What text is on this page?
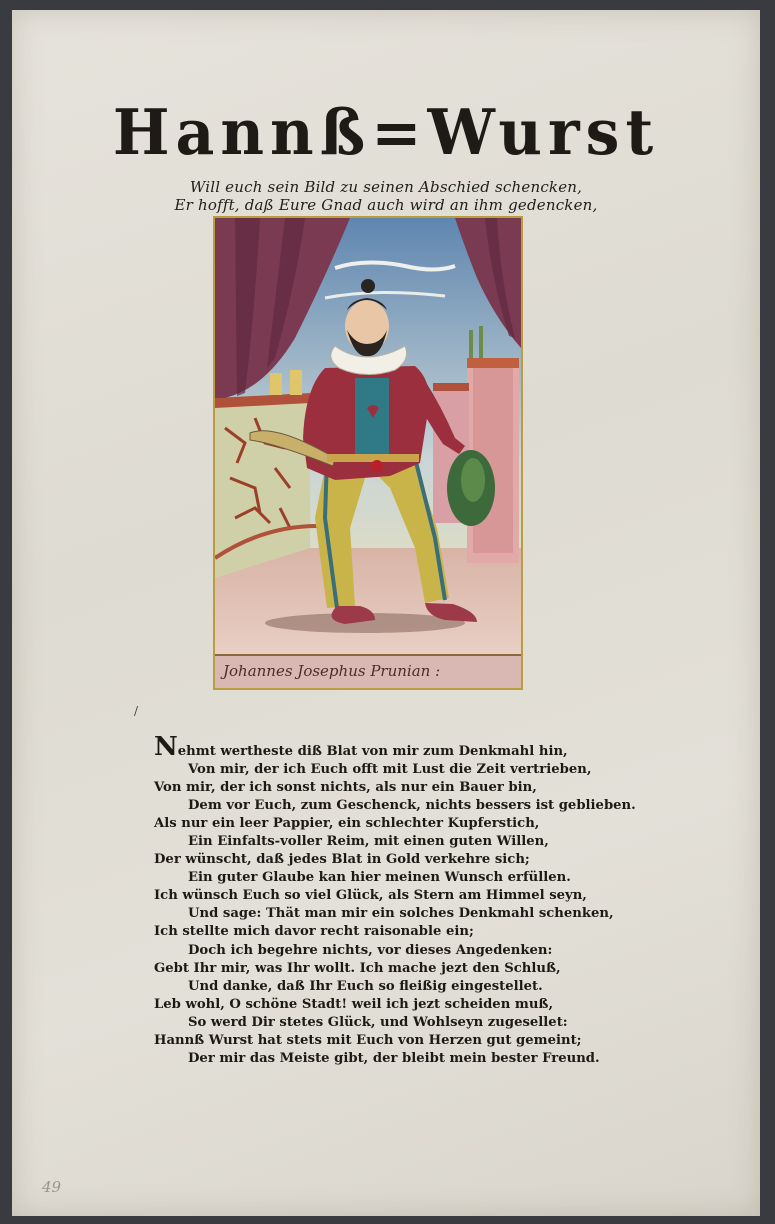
Hannß=Wurst
Will euch sein Bild zu seinen Abschied schencken,
Er hofft, daß Eure Gnad auch wird an ihm gedencken,
Johannes Josephus Prunian :
/
Nehmt wertheste diß Blat von mir zum Denkmahl hin,
Von mir, der ich Euch offt mit Lust die Zeit vertrieben,
Von mir, der ich sonst nichts, als nur ein Bauer bin,
Dem vor Euch, zum Geschenck, nichts bessers ist geblieben.
Als nur ein leer Pappier, ein schlechter Kupferstich,
Ein Einfalts-voller Reim, mit einen guten Willen,
Der wünscht, daß jedes Blat in Gold verkehre sich;
Ein guter Glaube kan hier meinen Wunsch erfüllen.
Ich wünsch Euch so viel Glück, als Stern am Himmel seyn,
Und sage: Thät man mir ein solches Denkmahl schenken,
Ich stellte mich davor recht raisonable ein;
Doch ich begehre nichts, vor dieses Angedenken:
Gebt Ihr mir, was Ihr wollt. Ich mache jezt den Schluß,
Und danke, daß Ihr Euch so fleißig eingestellet.
Leb wohl, O schöne Stadt! weil ich jezt scheiden muß,
So werd Dir stetes Glück, und Wohlseyn zugesellet:
Hannß Wurst hat stets mit Euch von Herzen gut gemeint;
Der mir das Meiste gibt, der bleibt mein bester Freund.
49
